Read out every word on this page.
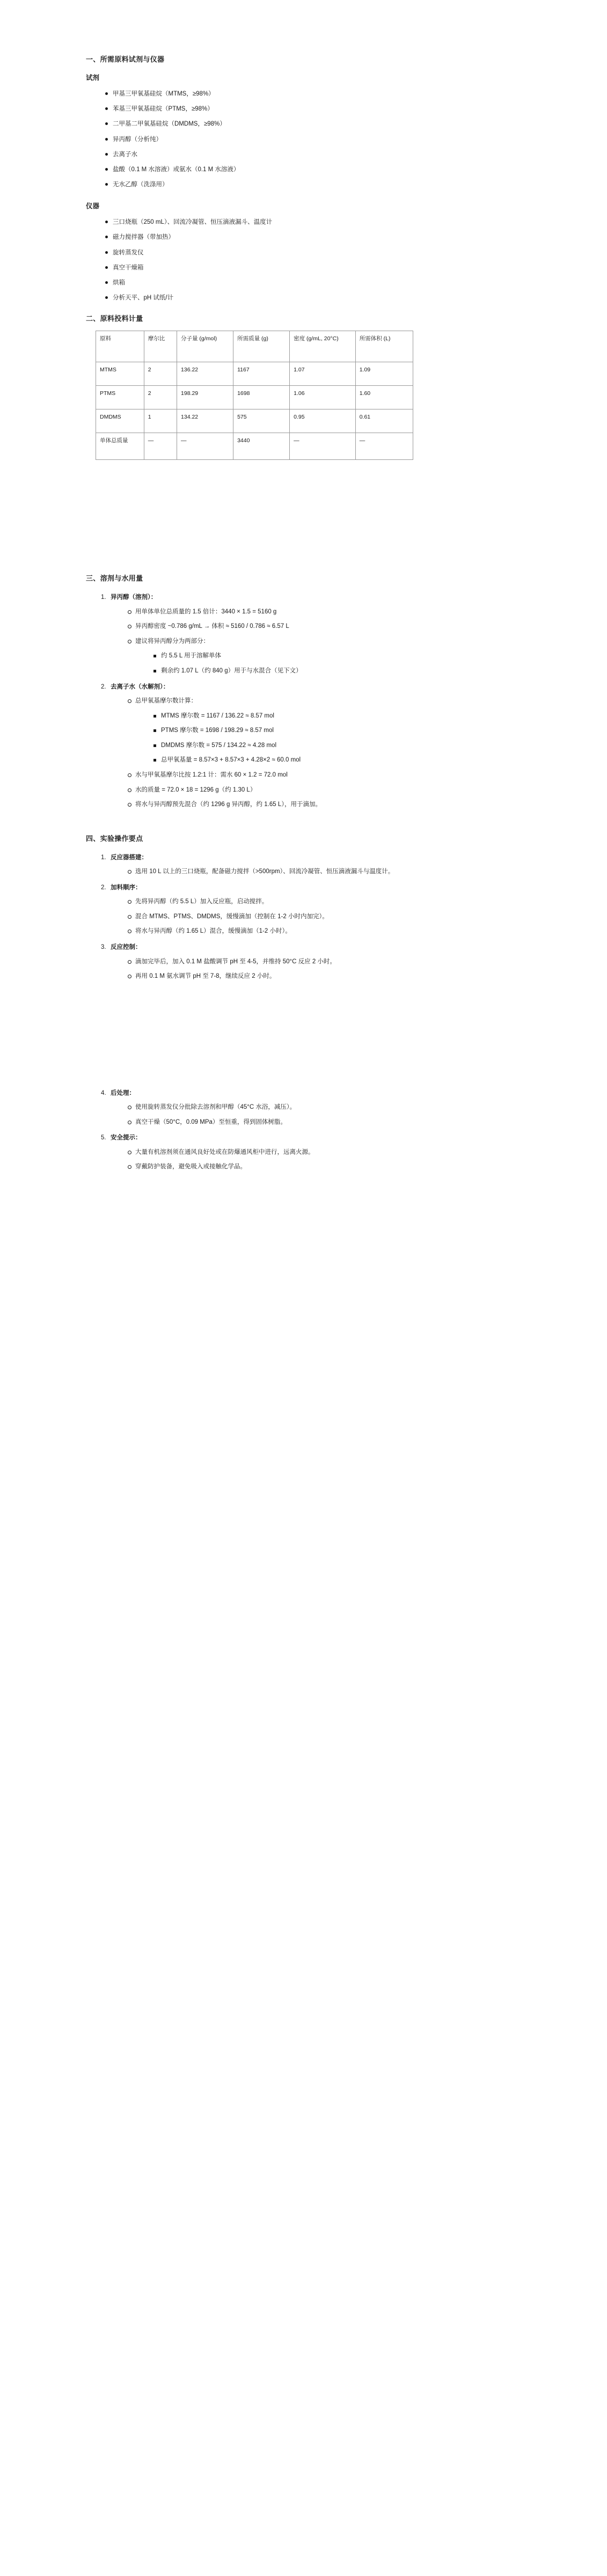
一、所需原料试剂与仪器
试剂
甲基三甲氧基硅烷（MTMS，≥98%）
苯基三甲氧基硅烷（PTMS，≥98%）
二甲基二甲氧基硅烷（DMDMS，≥98%）
异丙醇（分析纯）
去离子水
盐酸（0.1 M 水溶液）或氨水（0.1 M 水溶液）
无水乙醇（洗涤用）
仪器
三口烧瓶（250 mL）、回流冷凝管、恒压滴液漏斗、温度计
磁力搅拌器（带加热）
旋转蒸发仪
真空干燥箱
烘箱
分析天平、pH 试纸/计
二、原料投料计量
原料	摩尔比	分子量 (g/mol)	所需质量 (g)	密度 (g/mL, 20°C)	所需体积 (L)
MTMS	2	136.22	1167	1.07	1.09
PTMS	2	198.29	1698	1.06	1.60
DMDMS	1	134.22	575	0.95	0.61
单体总质量	—	—	3440	—	—
三、溶剂与水用量
异丙醇（溶剂）：
用单体单位总质量的 1.5 倍计：3440 × 1.5 = 5160 g
异丙醇密度 ~0.786 g/mL → 体积 ≈ 5160 / 0.786 ≈ 6.57 L
建议将异丙醇分为两部分：
约 5.5 L 用于溶解单体
剩余约 1.07 L（约 840 g）用于与水混合（见下文）
去离子水（水解剂）：
总甲氧基摩尔数计算：
MTMS 摩尔数 = 1167 / 136.22 ≈ 8.57 mol
PTMS 摩尔数 = 1698 / 198.29 ≈ 8.57 mol
DMDMS 摩尔数 = 575 / 134.22 ≈ 4.28 mol
总甲氧基量 = 8.57×3 + 8.57×3 + 4.28×2 ≈ 60.0 mol
水与甲氧基摩尔比按 1.2:1 计：需水 60 × 1.2 = 72.0 mol
水的质量 = 72.0 × 18 = 1296 g（约 1.30 L）
将水与异丙醇预先混合（约 1296 g 异丙醇，约 1.65 L），用于滴加。
四、实验操作要点
反应器搭建：
选用 10 L 以上的三口烧瓶，配备磁力搅拌（>500rpm）、回流冷凝管、恒压滴液漏斗与温度计。
加料顺序：
先将异丙醇（约 5.5 L）加入反应瓶，启动搅拌。
混合 MTMS、PTMS、DMDMS，缓慢滴加（控制在 1-2 小时内加完）。
将水与异丙醇（约 1.65 L）混合，缓慢滴加（1-2 小时）。
反应控制：
滴加完毕后，加入 0.1 M 盐酸调节 pH 至 4-5，并维持 50°C 反应 2 小时。
再用 0.1 M 氨水调节 pH 至 7-8，继续反应 2 小时。
后处理：
使用旋转蒸发仪分批除去溶剂和甲醇（45°C 水浴，减压）。
真空干燥（50°C，0.09 MPa）至恒重，得到固体树脂。
安全提示：
大量有机溶剂须在通风良好处或在防爆通风柜中进行，远离火源。
穿戴防护装备，避免吸入或接触化学品。
